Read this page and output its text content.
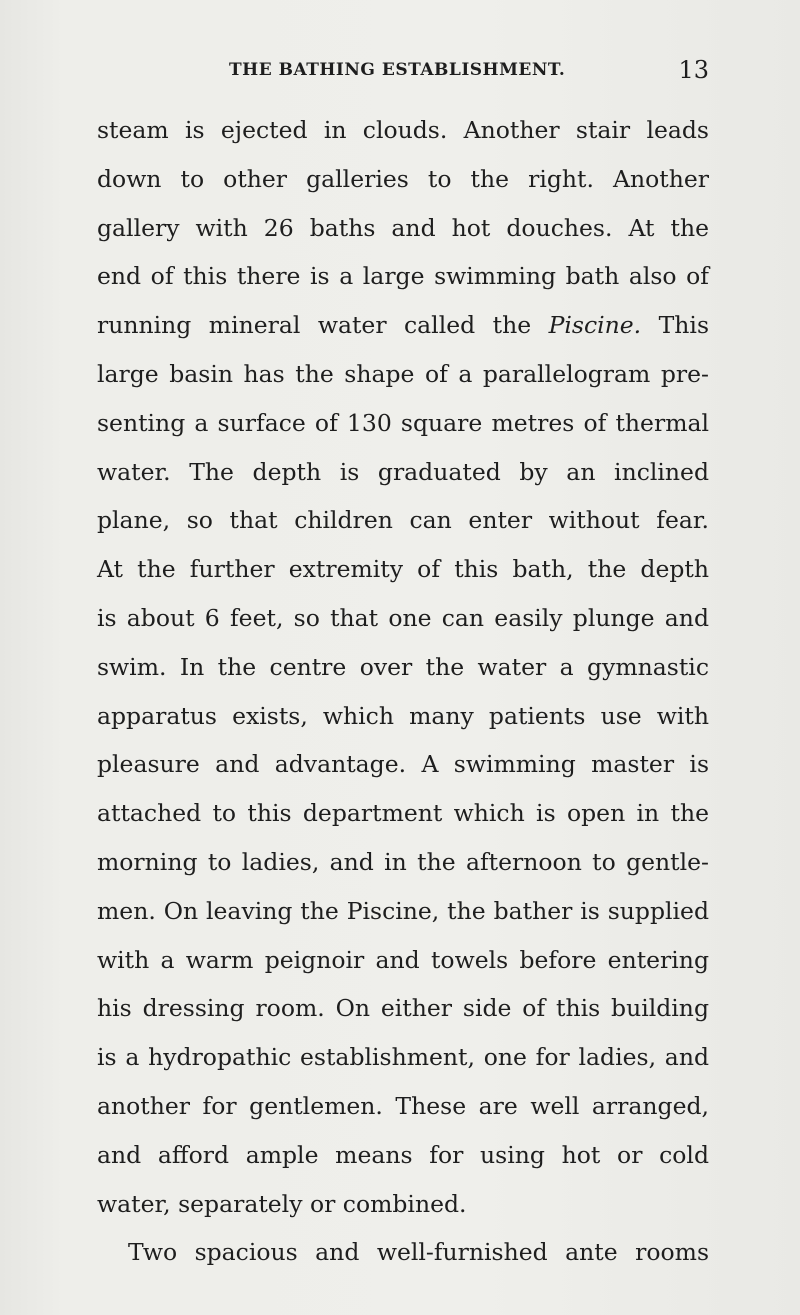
THE BATHING ESTABLISHMENT.	13
steam is ejected in clouds. Another stair leads
down to other galleries to the right. Another
gallery with 26 baths and hot douches. At the
end of this there is a large swimming bath also of
running mineral water called the Piscine. This
large basin has the shape of a parallelogram pre-
senting a surface of 130 square metres of thermal
water. The depth is graduated by an inclined
plane, so that children can enter without fear.
At the further extremity of this bath, the depth
is about 6 feet, so that one can easily plunge and
swim. In the centre over the water a gymnastic
apparatus exists, which many patients use with
pleasure and advantage. A swimming master is
attached to this department which is open in the
morning to ladies, and in the afternoon to gentle-
men. On leaving the Piscine, the bather is supplied
with a warm peignoir and towels before entering
his dressing room. On either side of this building
is a hydropathic establishment, one for ladies, and
another for gentlemen. These are well arranged,
and afford ample means for using hot or cold
water, separately or combined.
Two spacious and well-furnished ante rooms
